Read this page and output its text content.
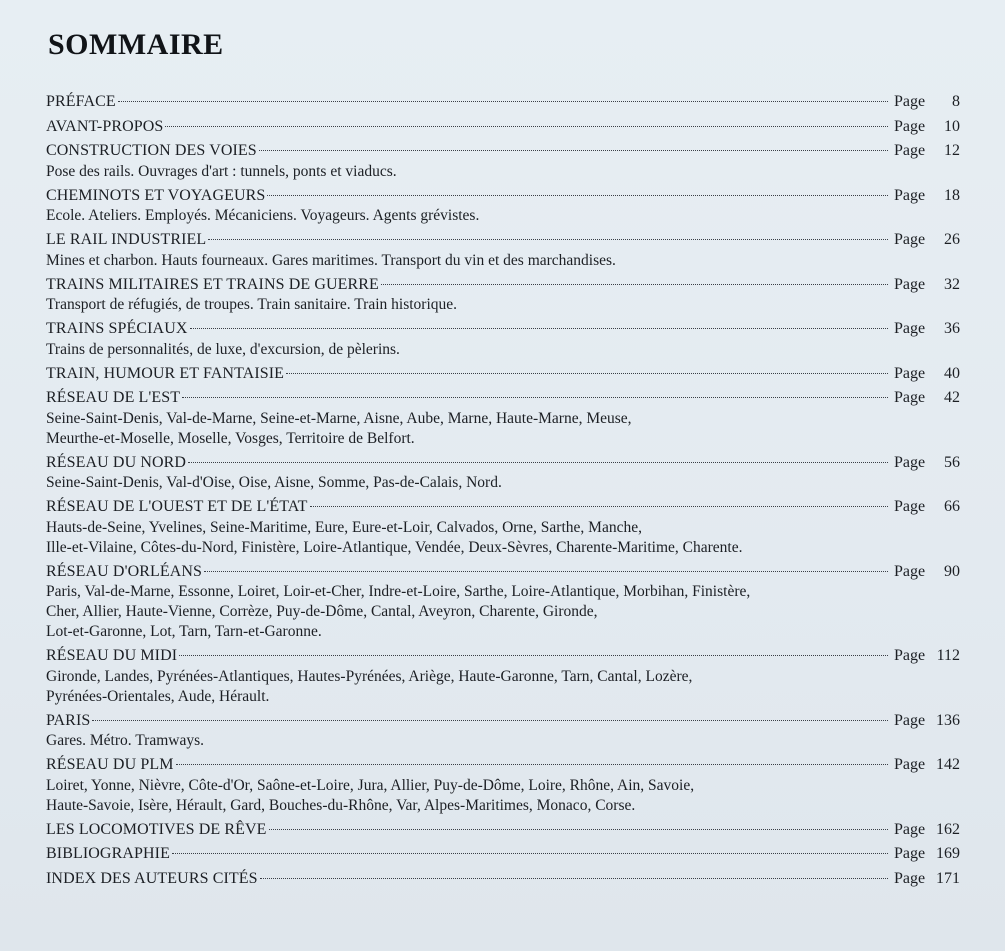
SOMMAIRE
PRÉFACE	Page	8
AVANT-PROPOS	Page	10
CONSTRUCTION DES VOIES	Page	12
Pose des rails. Ouvrages d'art : tunnels, ponts et viaducs.
CHEMINOTS ET VOYAGEURS	Page	18
Ecole. Ateliers. Employés. Mécaniciens. Voyageurs. Agents grévistes.
LE RAIL INDUSTRIEL	Page	26
Mines et charbon. Hauts fourneaux. Gares maritimes. Transport du vin et des marchandises.
TRAINS MILITAIRES ET TRAINS DE GUERRE	Page	32
Transport de réfugiés, de troupes. Train sanitaire. Train historique.
TRAINS SPÉCIAUX	Page	36
Trains de personnalités, de luxe, d'excursion, de pèlerins.
TRAIN, HUMOUR ET FANTAISIE	Page	40
RÉSEAU DE L'EST	Page	42
Seine-Saint-Denis, Val-de-Marne, Seine-et-Marne, Aisne, Aube, Marne, Haute-Marne, Meuse,
Meurthe-et-Moselle, Moselle, Vosges, Territoire de Belfort.
RÉSEAU DU NORD	Page	56
Seine-Saint-Denis, Val-d'Oise, Oise, Aisne, Somme, Pas-de-Calais, Nord.
RÉSEAU DE L'OUEST ET DE L'ÉTAT	Page	66
Hauts-de-Seine, Yvelines, Seine-Maritime, Eure, Eure-et-Loir, Calvados, Orne, Sarthe, Manche,
Ille-et-Vilaine, Côtes-du-Nord, Finistère, Loire-Atlantique, Vendée, Deux-Sèvres, Charente-Maritime, Charente.
RÉSEAU D'ORLÉANS	Page	90
Paris, Val-de-Marne, Essonne, Loiret, Loir-et-Cher, Indre-et-Loire, Sarthe, Loire-Atlantique, Morbihan, Finistère,
Cher, Allier, Haute-Vienne, Corrèze, Puy-de-Dôme, Cantal, Aveyron, Charente, Gironde,
Lot-et-Garonne, Lot, Tarn, Tarn-et-Garonne.
RÉSEAU DU MIDI	Page 112
Gironde, Landes, Pyrénées-Atlantiques, Hautes-Pyrénées, Ariège, Haute-Garonne, Tarn, Cantal, Lozère,
Pyrénées-Orientales, Aude, Hérault.
PARIS	Page 136
Gares. Métro. Tramways.
RÉSEAU DU PLM	Page 142
Loiret, Yonne, Nièvre, Côte-d'Or, Saône-et-Loire, Jura, Allier, Puy-de-Dôme, Loire, Rhône, Ain, Savoie,
Haute-Savoie, Isère, Hérault, Gard, Bouches-du-Rhône, Var, Alpes-Maritimes, Monaco, Corse.
LES LOCOMOTIVES DE RÊVE	Page 162
BIBLIOGRAPHIE	Page 169
INDEX DES AUTEURS CITÉS	Page 171
